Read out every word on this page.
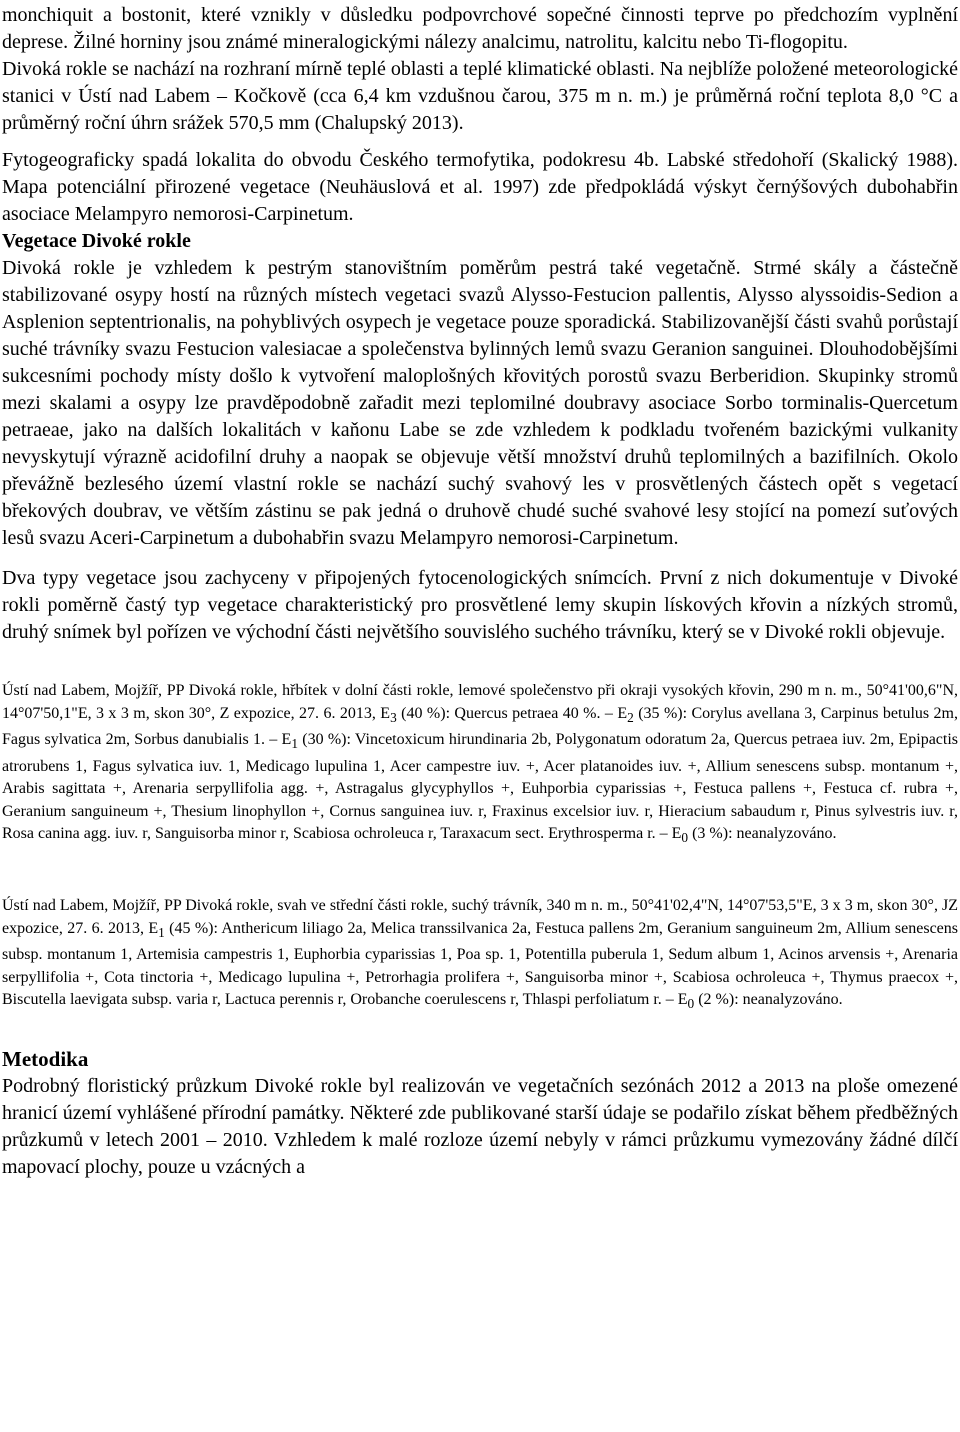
monchiquit a bostonit, které vznikly v důsledku podpovrchové sopečné činnosti teprve po předchozím vyplnění deprese. Žilné horniny jsou známé mineralogickými nálezy analcimu, natrolitu, kalcitu nebo Ti-flogopitu.

Divoká rokle se nachází na rozhraní mírně teplé oblasti a teplé klimatické oblasti. Na nejblíže položené meteorologické stanici v Ústí nad Labem – Kočkově (cca 6,4 km vzdušnou čarou, 375 m n. m.) je průměrná roční teplota 8,0 °C a průměrný roční úhrn srážek 570,5 mm (Chalupský 2013).

Fytogeograficky spadá lokalita do obvodu Českého termofytika, podokresu 4b. Labské středohoří (Skalický 1988). Mapa potenciální přirozené vegetace (Neuhäuslová et al. 1997) zde předpokládá výskyt černýšových dubohabřin asociace Melampyro nemorosi-Carpinetum.

Vegetace Divoké rokle

Divoká rokle je vzhledem k pestrým stanovištním poměrům pestrá také vegetačně. Strmé skály a částečně stabilizované osypy hostí na různých místech vegetaci svazů Alysso-Festucion pallentis, Alysso alyssoidis-Sedion a Asplenion septentrionalis, na pohyblivých osypech je vegetace pouze sporadická. Stabilizovanější části svahů porůstají suché trávníky svazu Festucion valesiacae a společenstva bylinných lemů svazu Geranion sanguinei. Dlouhodobějšími sukcesními pochody místy došlo k vytvoření maloplošných křovitých porostů svazu Berberidion. Skupinky stromů mezi skalami a osypy lze pravděpodobně zařadit mezi teplomilné doubravy asociace Sorbo torminalis-Quercetum petraeae, jako na dalších lokalitách v kaňonu Labe se zde vzhledem k podkladu tvořeném bazickými vulkanity nevyskytují výrazně acidofilní druhy a naopak se objevuje větší množství druhů teplomilných a bazifilních. Okolo převážně bezlesého území vlastní rokle se nachází suchý svahový les v prosvětlených částech opět s vegetací břekových doubrav, ve větším zástinu se pak jedná o druhově chudé suché svahové lesy stojící na pomezí suťových lesů svazu Aceri-Carpinetum a dubohabřin svazu Melampyro nemorosi-Carpinetum.

Dva typy vegetace jsou zachyceny v připojených fytocenologických snímcích. První z nich dokumentuje v Divoké rokli poměrně častý typ vegetace charakteristický pro prosvětlené lemy skupin lískových křovin a nízkých stromů, druhý snímek byl pořízen ve východní části největšího souvislého suchého trávníku, který se v Divoké rokli objevuje.

Ústí nad Labem, Mojžíř, PP Divoká rokle, hřbítek v dolní části rokle, lemové společenstvo při okraji vysokých křovin, 290 m n. m., 50°41'00,6"N, 14°07'50,1"E, 3 x 3 m, skon 30°, Z expozice, 27. 6. 2013, $E_3$ (40 %): Quercus petraea 40 %. – $E_2$ (35 %): Corylus avellana 3, Carpinus betulus 2m, Fagus sylvatica 2m, Sorbus danubialis 1. – $E_1$ (30 %): Vincetoxicum hirundinaria 2b, Polygonatum odoratum 2a, Quercus petraea iuv. 2m, Epipactis atrorubens 1, Fagus sylvatica iuv. 1, Medicago lupulina 1, Acer campestre iuv. +, Acer platanoides iuv. +, Allium senescens subsp. montanum +, Arabis sagittata +, Arenaria serpyllifolia agg. +, Astragalus glycyphyllos +, Euhporbia cyparissias +, Festuca pallens +, Festuca cf. rubra +, Geranium sanguineum +, Thesium linophyllon +, Cornus sanguinea iuv. r, Fraxinus excelsior iuv. r, Hieracium sabaudum r, Pinus sylvestris iuv. r, Rosa canina agg. iuv. r, Sanguisorba minor r, Scabiosa ochroleuca r, Taraxacum sect. Erythrosperma r. – $E_0$ (3 %): neanalyzováno.

Ústí nad Labem, Mojžíř, PP Divoká rokle, svah ve střední části rokle, suchý trávník, 340 m n. m., 50°41'02,4"N, 14°07'53,5"E, 3 x 3 m, skon 30°, JZ expozice, 27. 6. 2013, $E_1$ (45 %): Anthericum liliago 2a, Melica transsilvanica 2a, Festuca pallens 2m, Geranium sanguineum 2m, Allium senescens subsp. montanum 1, Artemisia campestris 1, Euphorbia cyparissias 1, Poa sp. 1, Potentilla puberula 1, Sedum album 1, Acinos arvensis +, Arenaria serpyllifolia +, Cota tinctoria +, Medicago lupulina +, Petrorhagia prolifera +, Sanguisorba minor +, Scabiosa ochroleuca +, Thymus praecox +, Biscutella laevigata subsp. varia r, Lactuca perennis r, Orobanche coerulescens r, Thlaspi perfoliatum r. – $E_0$ (2 %): neanalyzováno.

Metodika

Podrobný floristický průzkum Divoké rokle byl realizován ve vegetačních sezónách 2012 a 2013 na ploše omezené hranicí území vyhlášené přírodní památky. Některé zde publikované starší údaje se podařilo získat během předběžných průzkumů v letech 2001 – 2010. Vzhledem k malé rozloze území nebyly v rámci průzkumu vymezovány žádné dílčí mapovací plochy, pouze u vzácných a
